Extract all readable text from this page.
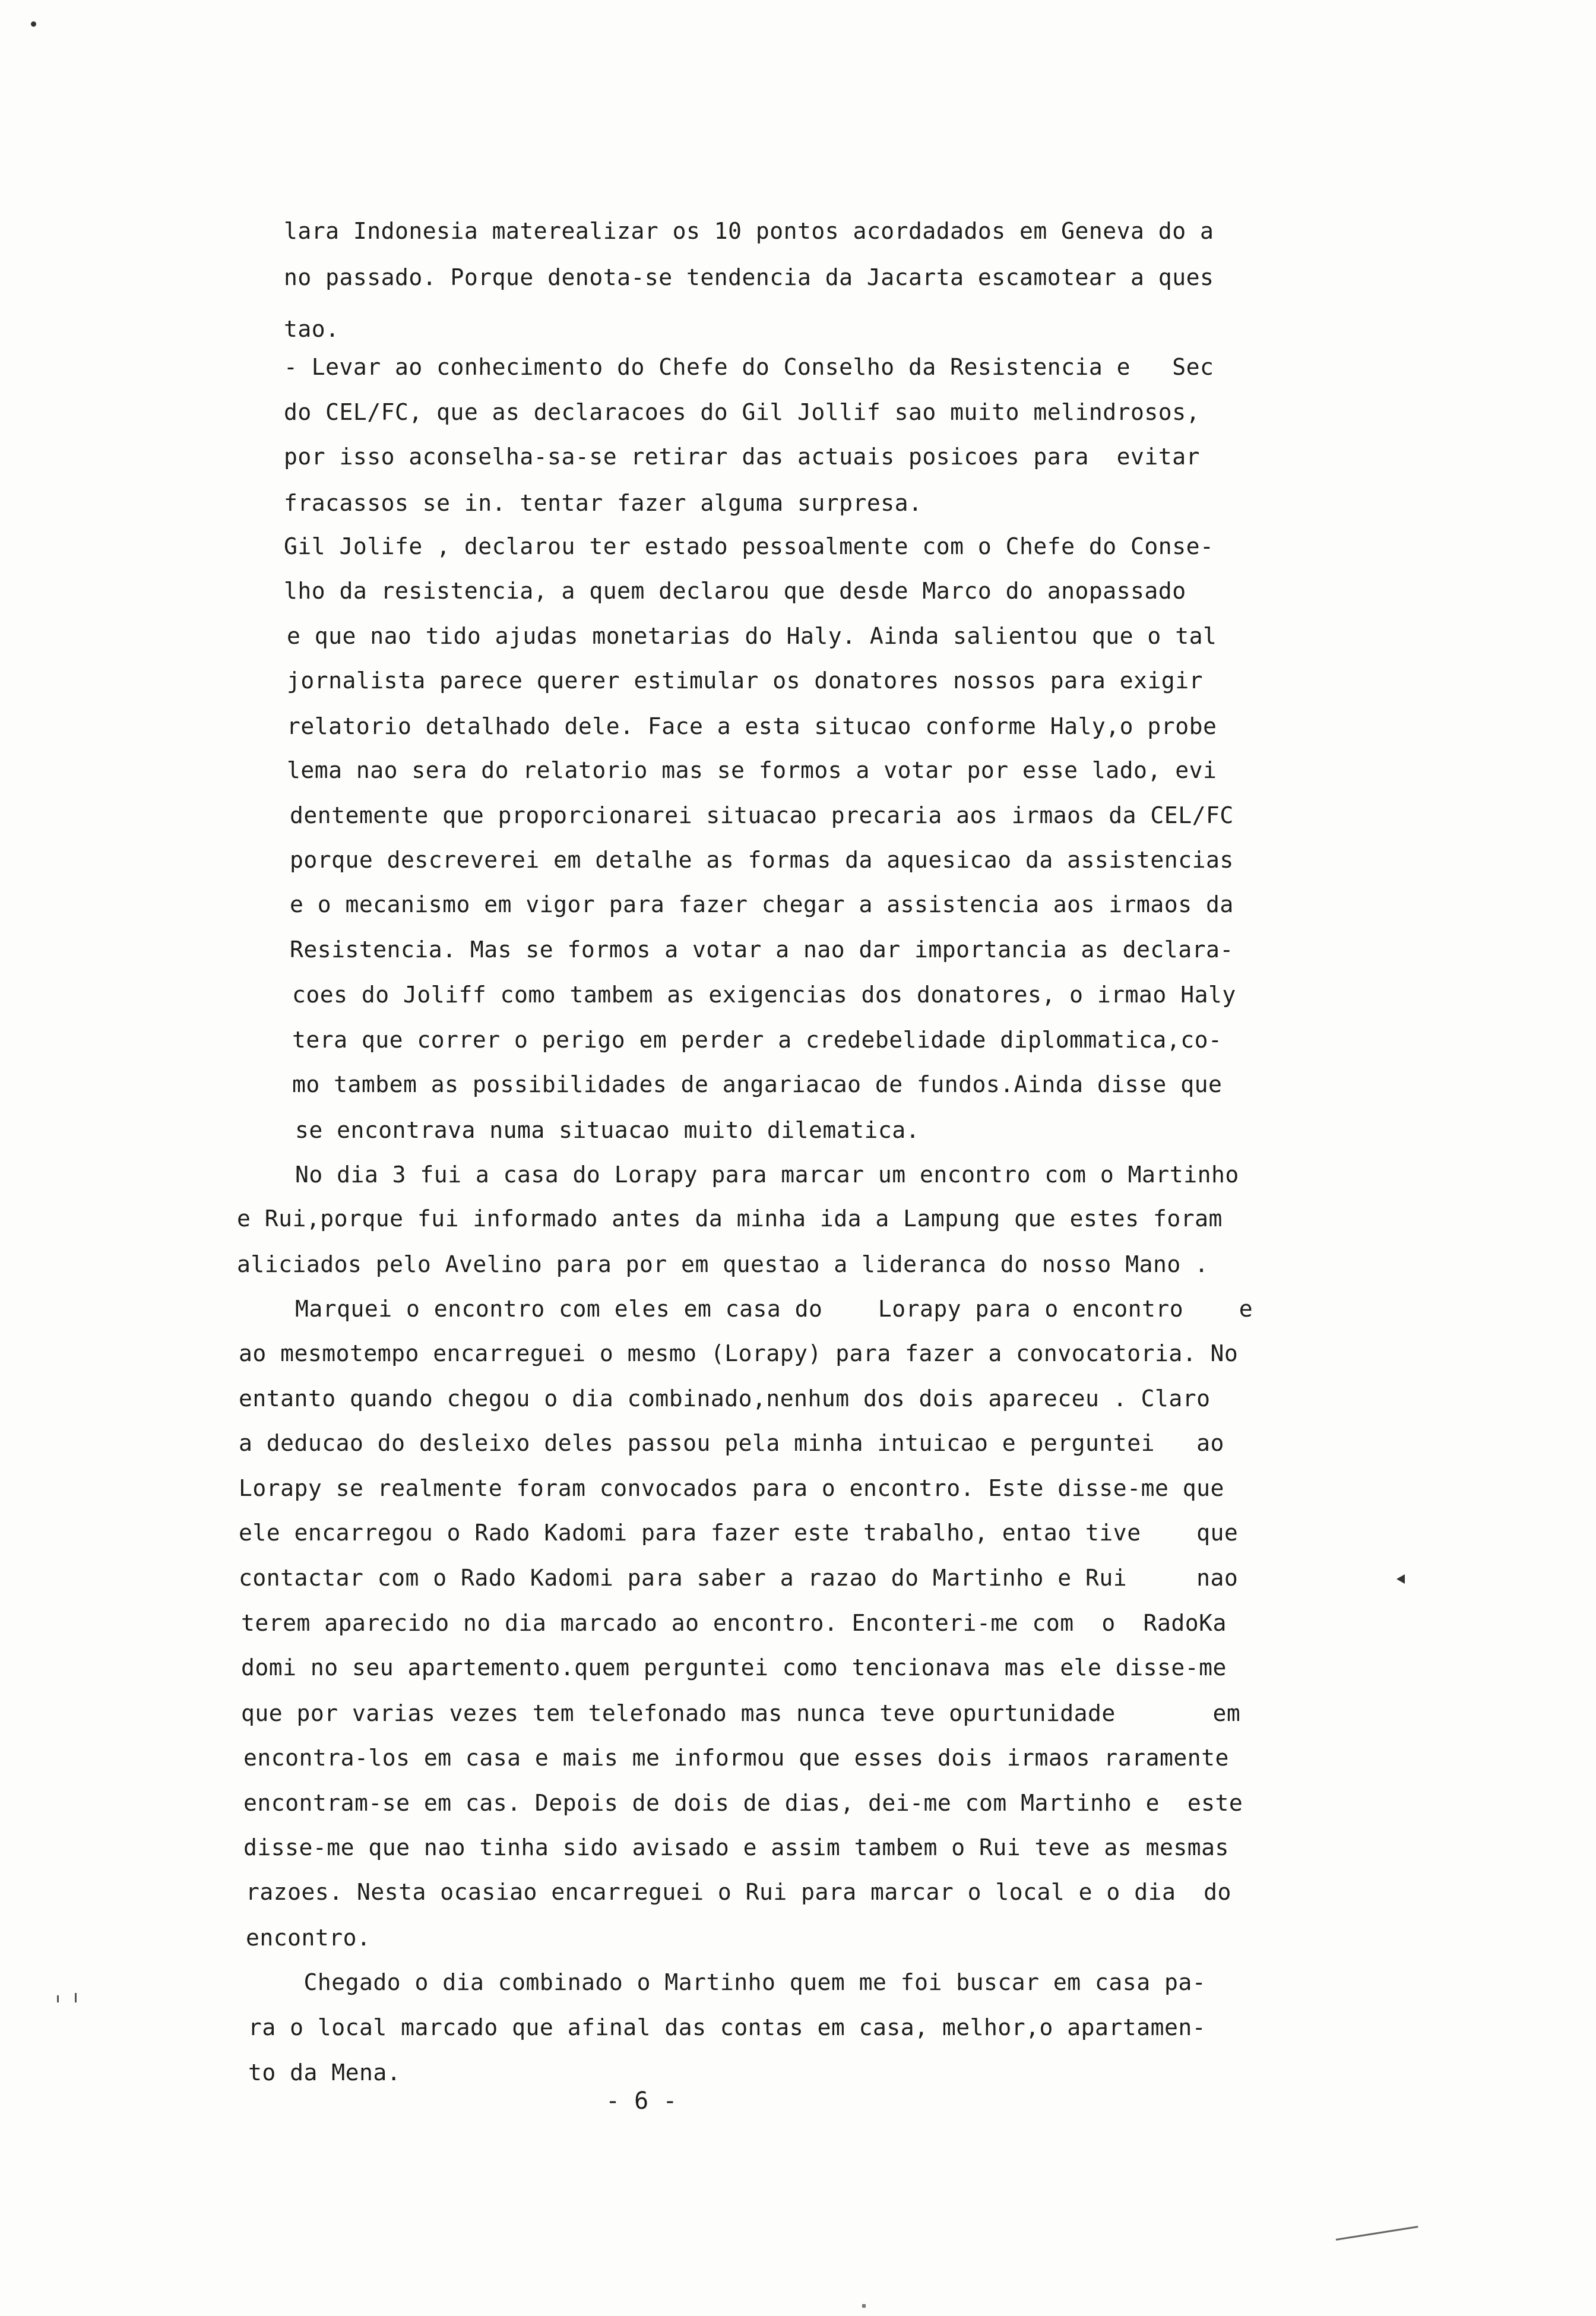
lara Indonesia materealizar os 10 pontos acordadados em Geneva do a

no passado. Porque denota-se tendencia da Jacarta escamotear a ques

tao.

- Levar ao conhecimento do Chefe do Conselho da Resistencia e   Sec

do CEL/FC, que as declaracoes do Gil Jollif sao muito melindrosos,

por isso aconselha-sa-se retirar das actuais posicoes para  evitar

fracassos se in. tentar fazer alguma surpresa.

Gil Jolife , declarou ter estado pessoalmente com o Chefe do Conse-

lho da resistencia, a quem declarou que desde Marco do anopassado

e que nao tido ajudas monetarias do Haly. Ainda salientou que o tal

jornalista parece querer estimular os donatores nossos para exigir

relatorio detalhado dele. Face a esta situcao conforme Haly,o probe

lema nao sera do relatorio mas se formos a votar por esse lado, evi

dentemente que proporcionarei situacao precaria aos irmaos da CEL/FC

porque descreverei em detalhe as formas da aquesicao da assistencias

e o mecanismo em vigor para fazer chegar a assistencia aos irmaos da

Resistencia. Mas se formos a votar a nao dar importancia as declara-

coes do Joliff como tambem as exigencias dos donatores, o irmao Haly

tera que correr o perigo em perder a credebelidade diplommatica,co-

mo tambem as possibilidades de angariacao de fundos.Ainda disse que

se encontrava numa situacao muito dilematica.

No dia 3 fui a casa do Lorapy para marcar um encontro com o Martinho

e Rui,porque fui informado antes da minha ida a Lampung que estes foram

aliciados pelo Avelino para por em questao a lideranca do nosso Mano .

Marquei o encontro com eles em casa do    Lorapy para o encontro    e

ao mesmotempo encarreguei o mesmo (Lorapy) para fazer a convocatoria. No

entanto quando chegou o dia combinado,nenhum dos dois apareceu . Claro

a deducao do desleixo deles passou pela minha intuicao e perguntei   ao

Lorapy se realmente foram convocados para o encontro. Este disse-me que

ele encarregou o Rado Kadomi para fazer este trabalho, entao tive    que

contactar com o Rado Kadomi para saber a razao do Martinho e Rui     nao

terem aparecido no dia marcado ao encontro. Enconteri-me com  o  RadoKa

domi no seu apartemento.quem perguntei como tencionava mas ele disse-me

que por varias vezes tem telefonado mas nunca teve opurtunidade       em

encontra-los em casa e mais me informou que esses dois irmaos raramente

encontram-se em cas. Depois de dois de dias, dei-me com Martinho e  este

disse-me que nao tinha sido avisado e assim tambem o Rui teve as mesmas

razoes. Nesta ocasiao encarreguei o Rui para marcar o local e o dia  do

encontro.

Chegado o dia combinado o Martinho quem me foi buscar em casa pa-

ra o local marcado que afinal das contas em casa, melhor,o apartamen-

to da Mena.

- 6 -
